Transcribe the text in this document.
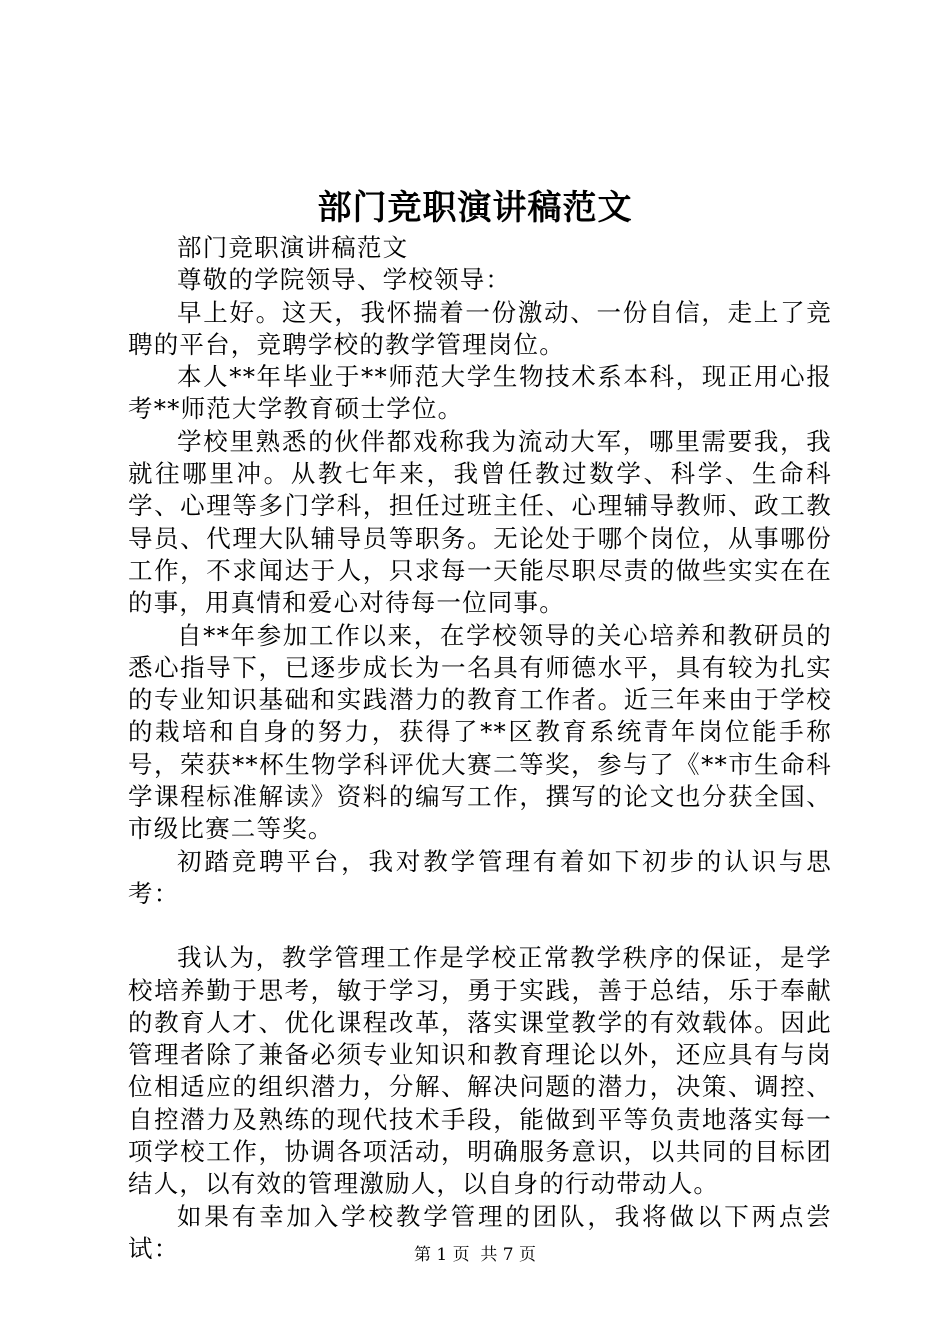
部门竞职演讲稿范文

部门竞职演讲稿范文

尊敬的学院领导、学校领导：

早上好。这天，我怀揣着一份激动、一份自信，走上了竞聘的平台，竞聘学校的教学管理岗位。

本人**年毕业于**师范大学生物技术系本科，现正用心报考**师范大学教育硕士学位。

学校里熟悉的伙伴都戏称我为流动大军，哪里需要我，我就往哪里冲。从教七年来，我曾任教过数学、科学、生命科学、心理等多门学科，担任过班主任、心理辅导教师、政工教导员、代理大队辅导员等职务。无论处于哪个岗位，从事哪份工作，不求闻达于人，只求每一天能尽职尽责的做些实实在在的事，用真情和爱心对待每一位同事。

自**年参加工作以来，在学校领导的关心培养和教研员的悉心指导下，已逐步成长为一名具有师德水平，具有较为扎实的专业知识基础和实践潜力的教育工作者。近三年来由于学校的栽培和自身的努力，获得了**区教育系统青年岗位能手称号，荣获**杯生物学科评优大赛二等奖，参与了《**市生命科学课程标准解读》资料的编写工作，撰写的论文也分获全国、市级比赛二等奖。

初踏竞聘平台，我对教学管理有着如下初步的认识与思考：

我认为，教学管理工作是学校正常教学秩序的保证，是学校培养勤于思考，敏于学习，勇于实践，善于总结，乐于奉献的教育人才、优化课程改革，落实课堂教学的有效载体。因此管理者除了兼备必须专业知识和教育理论以外，还应具有与岗位相适应的组织潜力，分解、解决问题的潜力，决策、调控、自控潜力及熟练的现代技术手段，能做到平等负责地落实每一项学校工作，协调各项活动，明确服务意识，以共同的目标团结人，以有效的管理激励人，以自身的行动带动人。

如果有幸加入学校教学管理的团队，我将做以下两点尝试：	第 1 页  共 7 页
